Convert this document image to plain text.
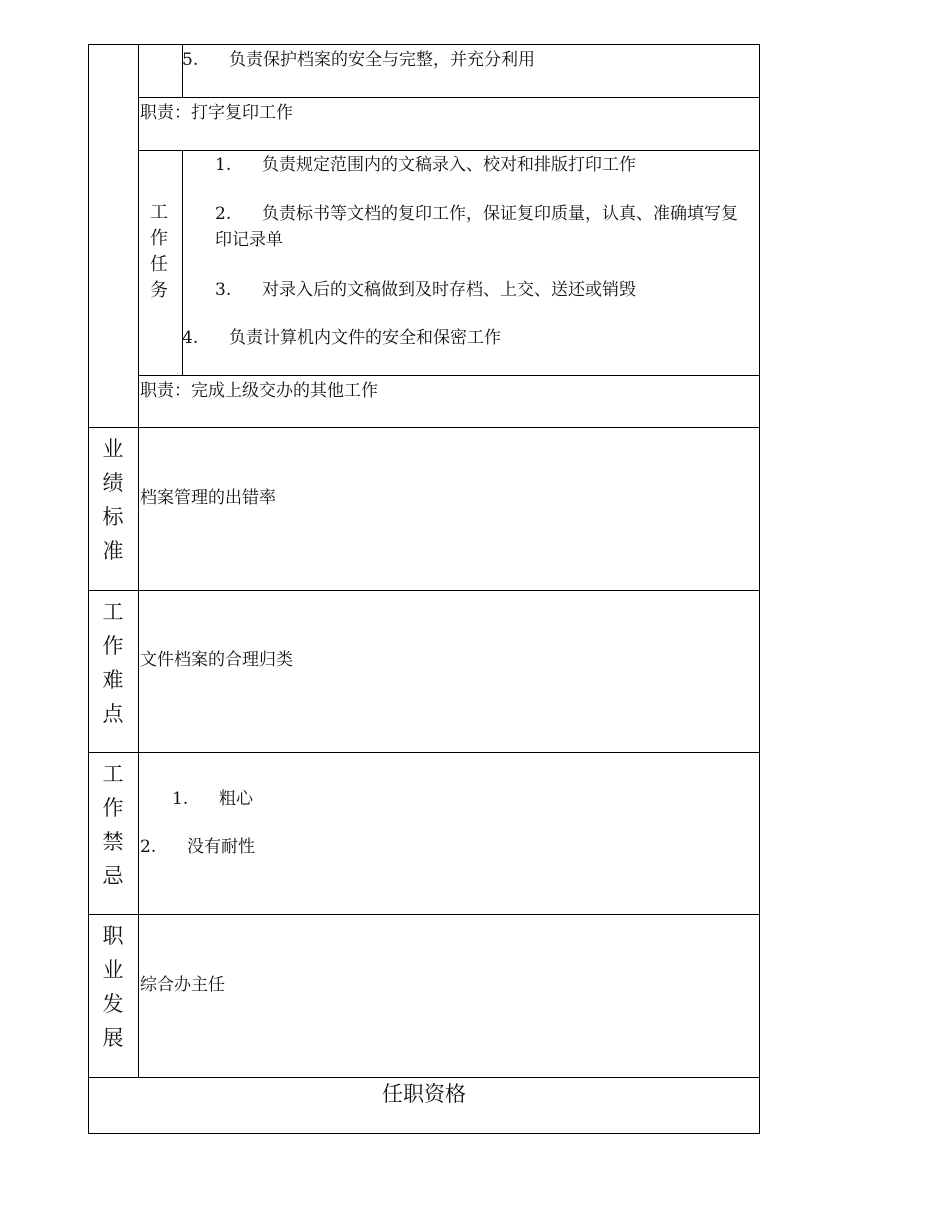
5. 负责保护档案的安全与完整，并充分利用
职责：打字复印工作
工
作
任
务
1. 负责规定范围内的文稿录入、校对和排版打印工作
2. 负责标书等文档的复印工作，保证复印质量，认真、准确填写复印记录单
3. 对录入后的文稿做到及时存档、上交、送还或销毁
4. 负责计算机内文件的安全和保密工作
职责：完成上级交办的其他工作
业
绩
标
准
档案管理的出错率
工
作
难
点
文件档案的合理归类
工
作
禁
忌
1. 粗心
2. 没有耐性
职
业
发
展
综合办主任
任职资格
